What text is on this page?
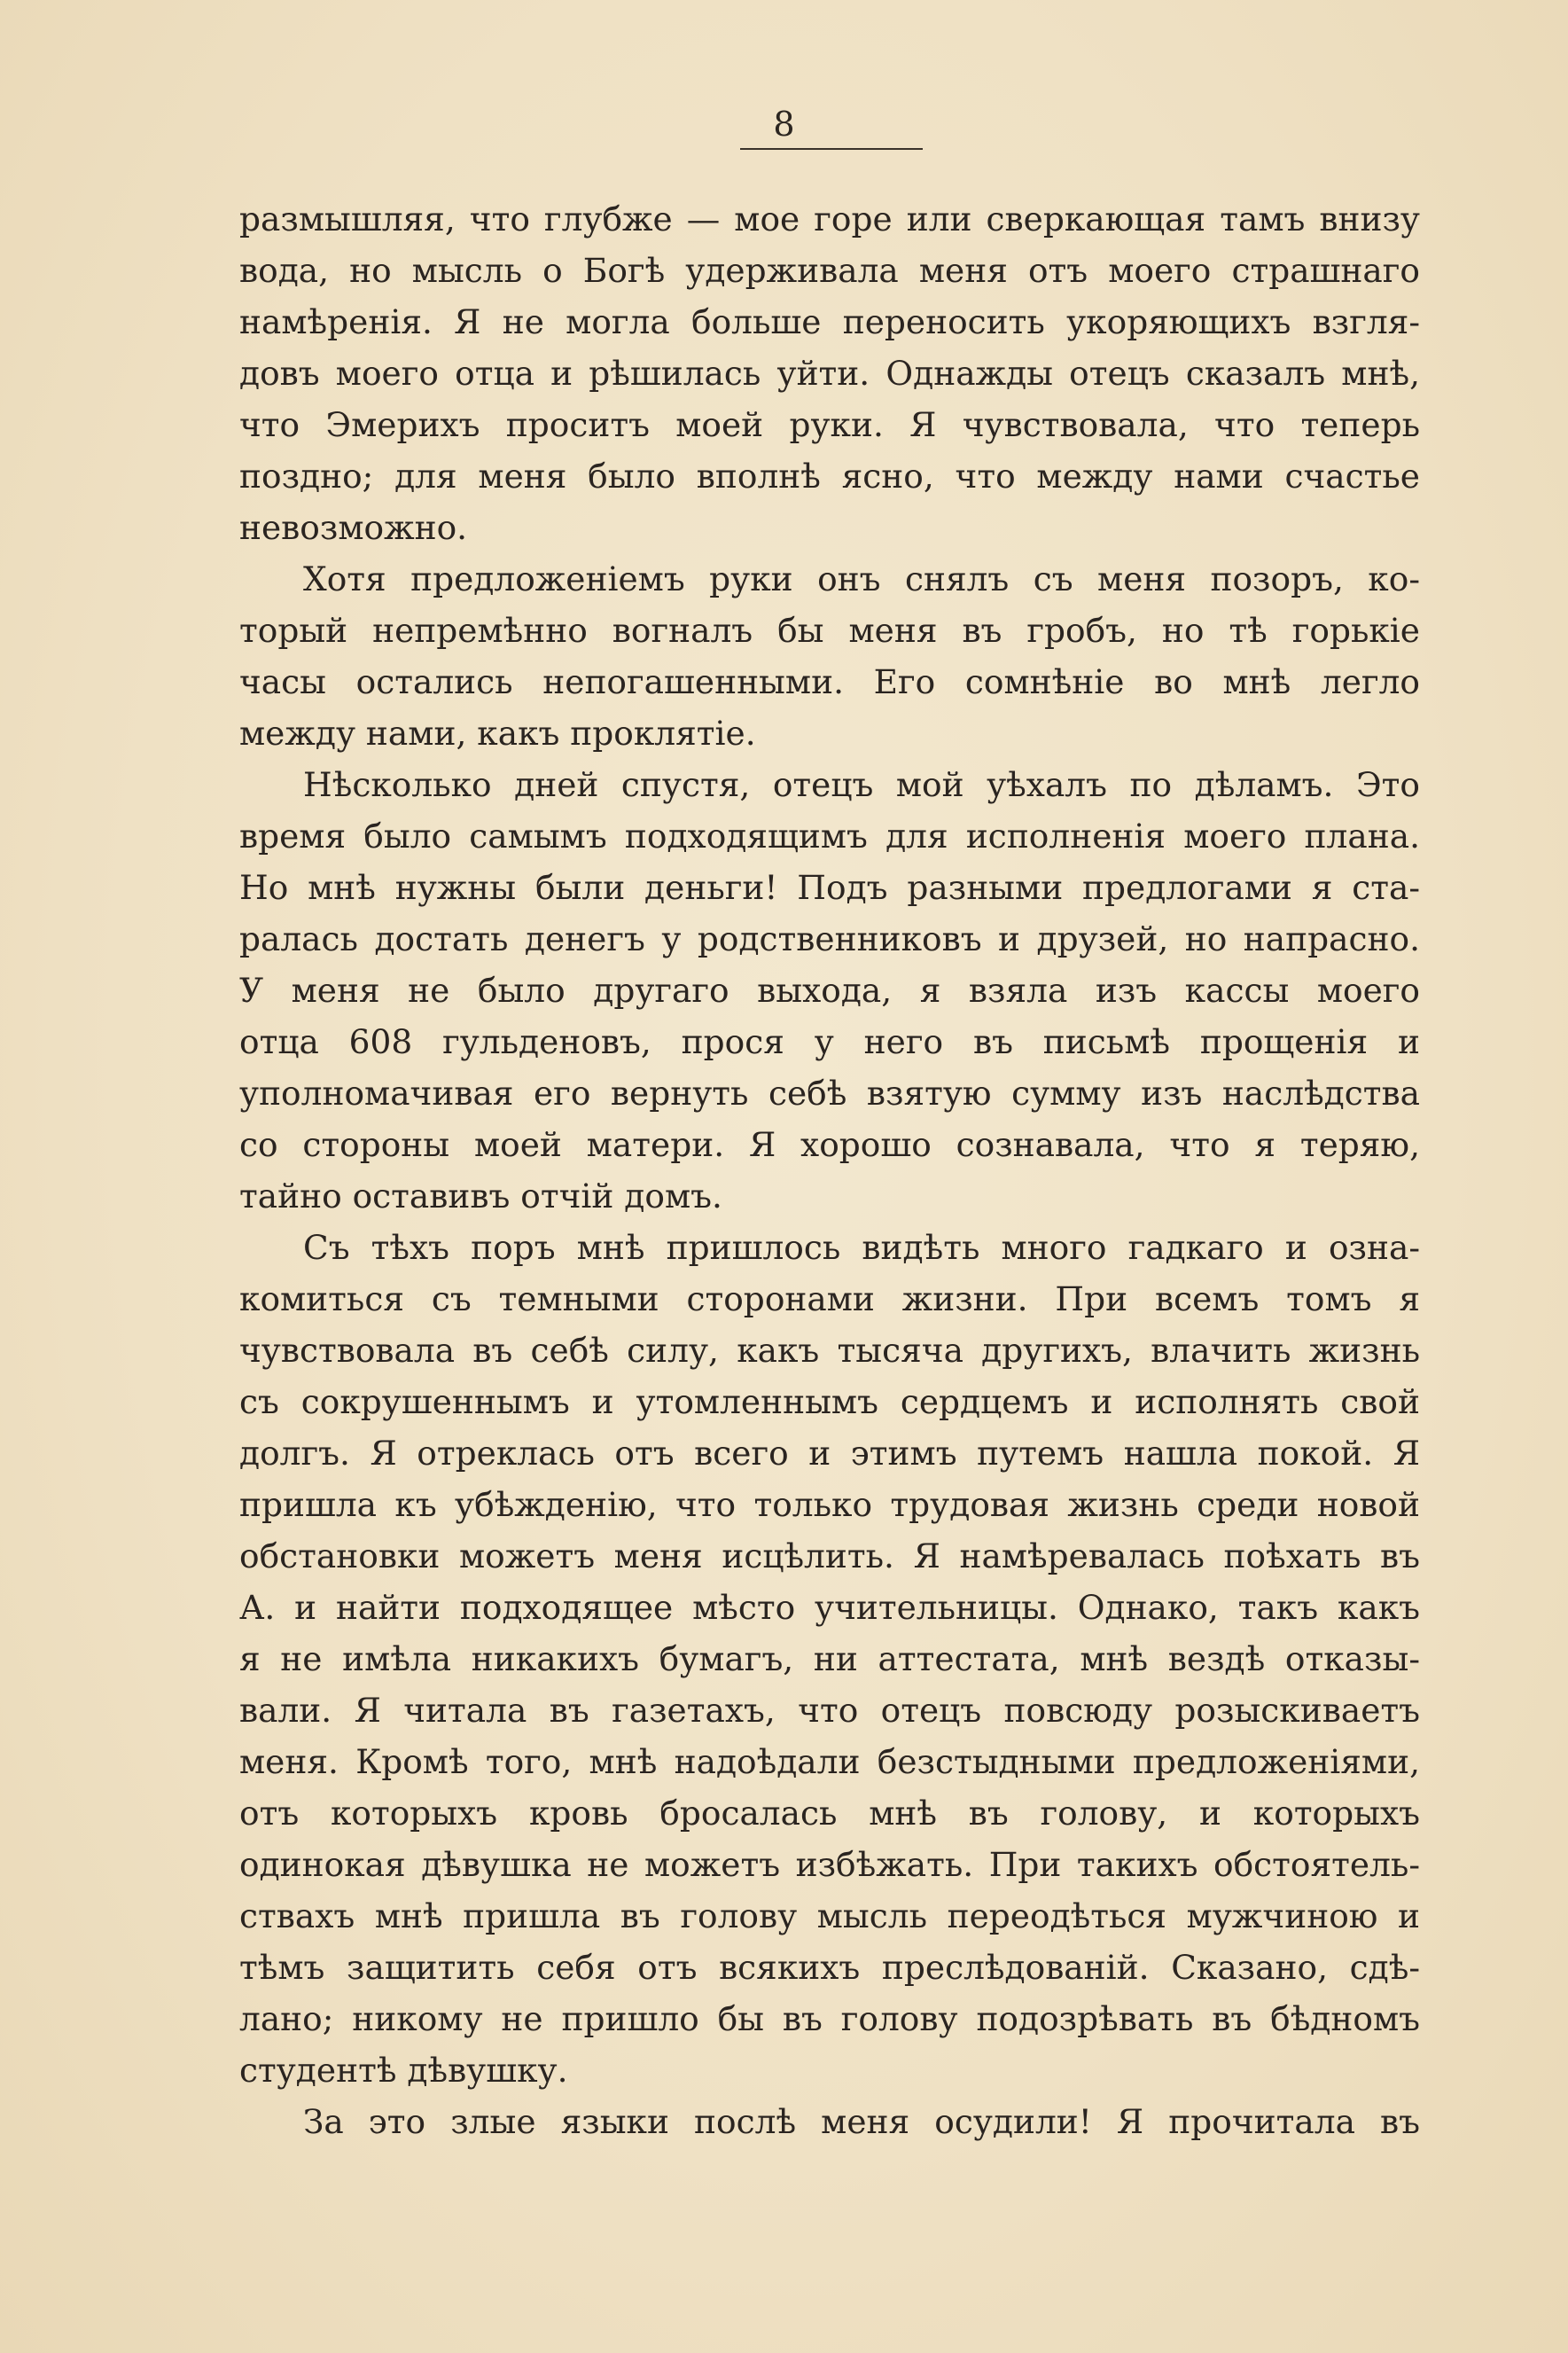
8
размышляя, что глубже — мое горе или сверкающая тамъ внизу
вода, но мысль о Богѣ удерживала меня отъ моего страшнаго
намѣренія. Я не могла больше переносить укоряющихъ взгля-
довъ моего отца и рѣшилась уйти. Однажды отецъ сказалъ мнѣ,
что Эмерихъ проситъ моей руки. Я чувствовала, что теперь
поздно; для меня было вполнѣ ясно, что между нами счастье
невозможно.
Хотя предложеніемъ руки онъ снялъ съ меня позоръ, ко-
торый непремѣнно вогналъ бы меня въ гробъ, но тѣ горькіе
часы остались непогашенными. Его сомнѣніе во мнѣ легло
между нами, какъ проклятіе.
Нѣсколько дней спустя, отецъ мой уѣхалъ по дѣламъ. Это
время было самымъ подходящимъ для исполненія моего плана.
Но мнѣ нужны были деньги! Подъ разными предлогами я ста-
ралась достать денегъ у родственниковъ и друзей, но напрасно.
У меня не было другаго выхода, я взяла изъ кассы моего
отца 608 гульденовъ, прося у него въ письмѣ прощенія и
уполномачивая его вернуть себѣ взятую сумму изъ наслѣдства
со стороны моей матери. Я хорошо сознавала, что я теряю,
тайно оставивъ отчій домъ.
Съ тѣхъ поръ мнѣ пришлось видѣть много гадкаго и озна-
комиться съ темными сторонами жизни. При всемъ томъ я
чувствовала въ себѣ силу, какъ тысяча другихъ, влачить жизнь
съ сокрушеннымъ и утомленнымъ сердцемъ и исполнять свой
долгъ. Я отреклась отъ всего и этимъ путемъ нашла покой. Я
пришла къ убѣжденію, что только трудовая жизнь среди новой
обстановки можетъ меня исцѣлить. Я намѣревалась поѣхать въ
А. и найти подходящее мѣсто учительницы. Однако, такъ какъ
я не имѣла никакихъ бумагъ, ни аттестата, мнѣ вездѣ отказы-
вали. Я читала въ газетахъ, что отецъ повсюду розыскиваетъ
меня. Кромѣ того, мнѣ надоѣдали безстыдными предложеніями,
отъ которыхъ кровь бросалась мнѣ въ голову, и которыхъ
одинокая дѣвушка не можетъ избѣжать. При такихъ обстоятель-
ствахъ мнѣ пришла въ голову мысль переодѣться мужчиною и
тѣмъ защитить себя отъ всякихъ преслѣдованій. Сказано, сдѣ-
лано; никому не пришло бы въ голову подозрѣвать въ бѣдномъ
студентѣ дѣвушку.
За это злые языки послѣ меня осудили! Я прочитала въ
